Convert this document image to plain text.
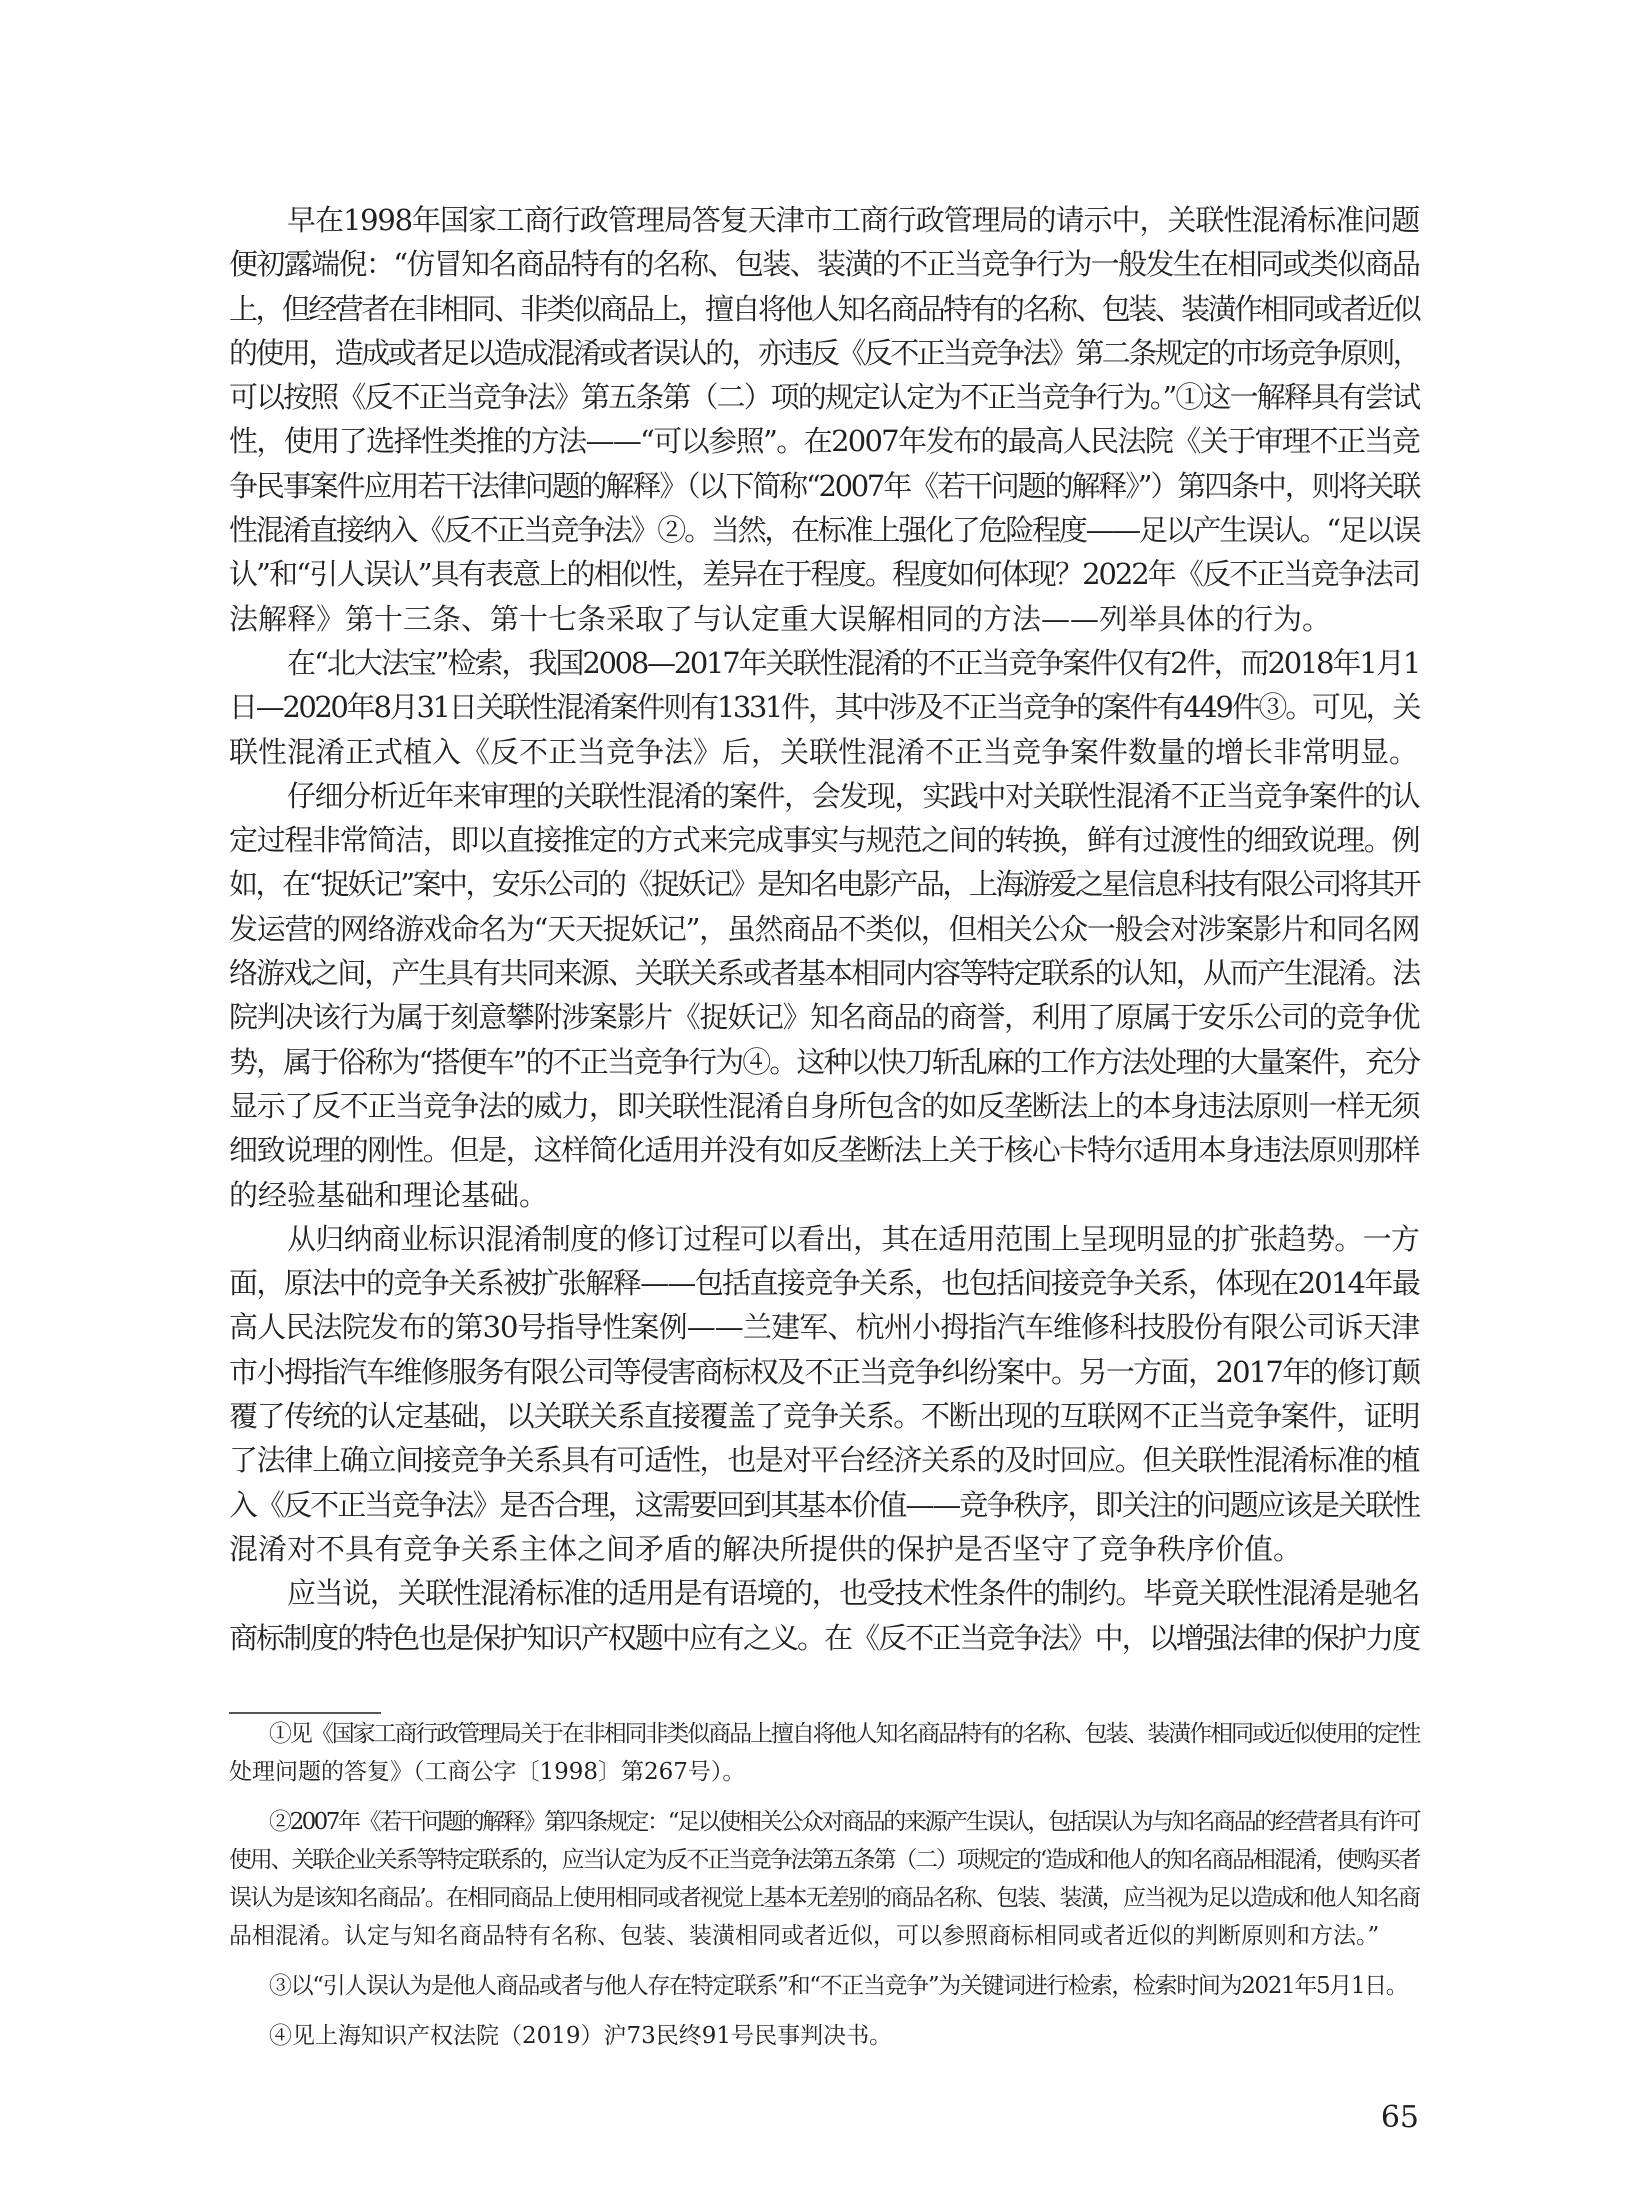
早在1998年国家工商行政管理局答复天津市工商行政管理局的请示中，关联性混淆标准问题
便初露端倪：“仿冒知名商品特有的名称、包装、装潢的不正当竞争行为一般发生在相同或类似商品
上，但经营者在非相同、非类似商品上，擅自将他人知名商品特有的名称、包装、装潢作相同或者近似
的使用，造成或者足以造成混淆或者误认的，亦违反《反不正当竞争法》第二条规定的市场竞争原则，
可以按照《反不正当竞争法》第五条第（二）项的规定认定为不正当竞争行为。”①这一解释具有尝试
性，使用了选择性类推的方法——“可以参照”。在2007年发布的最高人民法院《关于审理不正当竞
争民事案件应用若干法律问题的解释》（以下简称“2007年《若干问题的解释》”）第四条中，则将关联
性混淆直接纳入《反不正当竞争法》②。当然，在标准上强化了危险程度——足以产生误认。“足以误
认”和“引人误认”具有表意上的相似性，差异在于程度。程度如何体现？2022年《反不正当竞争法司
法解释》第十三条、第十七条采取了与认定重大误解相同的方法——列举具体的行为。
在“北大法宝”检索，我国2008—2017年关联性混淆的不正当竞争案件仅有2件，而2018年1月1
日—2020年8月31日关联性混淆案件则有1331件，其中涉及不正当竞争的案件有449件③。可见，关
联性混淆正式植入《反不正当竞争法》后，关联性混淆不正当竞争案件数量的增长非常明显。
仔细分析近年来审理的关联性混淆的案件，会发现，实践中对关联性混淆不正当竞争案件的认
定过程非常简洁，即以直接推定的方式来完成事实与规范之间的转换，鲜有过渡性的细致说理。例
如，在“捉妖记”案中，安乐公司的《捉妖记》是知名电影产品，上海游爱之星信息科技有限公司将其开
发运营的网络游戏命名为“天天捉妖记”，虽然商品不类似，但相关公众一般会对涉案影片和同名网
络游戏之间，产生具有共同来源、关联关系或者基本相同内容等特定联系的认知，从而产生混淆。法
院判决该行为属于刻意攀附涉案影片《捉妖记》知名商品的商誉，利用了原属于安乐公司的竞争优
势，属于俗称为“搭便车”的不正当竞争行为④。这种以快刀斩乱麻的工作方法处理的大量案件，充分
显示了反不正当竞争法的威力，即关联性混淆自身所包含的如反垄断法上的本身违法原则一样无须
细致说理的刚性。但是，这样简化适用并没有如反垄断法上关于核心卡特尔适用本身违法原则那样
的经验基础和理论基础。
从归纳商业标识混淆制度的修订过程可以看出，其在适用范围上呈现明显的扩张趋势。一方
面，原法中的竞争关系被扩张解释——包括直接竞争关系，也包括间接竞争关系，体现在2014年最
高人民法院发布的第30号指导性案例——兰建军、杭州小拇指汽车维修科技股份有限公司诉天津
市小拇指汽车维修服务有限公司等侵害商标权及不正当竞争纠纷案中。另一方面，2017年的修订颠
覆了传统的认定基础，以关联关系直接覆盖了竞争关系。不断出现的互联网不正当竞争案件，证明
了法律上确立间接竞争关系具有可适性，也是对平台经济关系的及时回应。但关联性混淆标准的植
入《反不正当竞争法》是否合理，这需要回到其基本价值——竞争秩序，即关注的问题应该是关联性
混淆对不具有竞争关系主体之间矛盾的解决所提供的保护是否坚守了竞争秩序价值。
应当说，关联性混淆标准的适用是有语境的，也受技术性条件的制约。毕竟关联性混淆是驰名
商标制度的特色也是保护知识产权题中应有之义。在《反不正当竞争法》中，以增强法律的保护力度
①见《国家工商行政管理局关于在非相同非类似商品上擅自将他人知名商品特有的名称、包装、装潢作相同或近似使用的定性
处理问题的答复》（工商公字〔1998〕第267号）。
②2007年《若干问题的解释》第四条规定：“足以使相关公众对商品的来源产生误认，包括误认为与知名商品的经营者具有许可
使用、关联企业关系等特定联系的，应当认定为反不正当竞争法第五条第（二）项规定的‘造成和他人的知名商品相混淆，使购买者
误认为是该知名商品’。在相同商品上使用相同或者视觉上基本无差别的商品名称、包装、装潢，应当视为足以造成和他人知名商
品相混淆。认定与知名商品特有名称、包装、装潢相同或者近似，可以参照商标相同或者近似的判断原则和方法。”
③以“引人误认为是他人商品或者与他人存在特定联系”和“不正当竞争”为关键词进行检索，检索时间为2021年5月1日。
④见上海知识产权法院（2019）沪73民终91号民事判决书。
65
